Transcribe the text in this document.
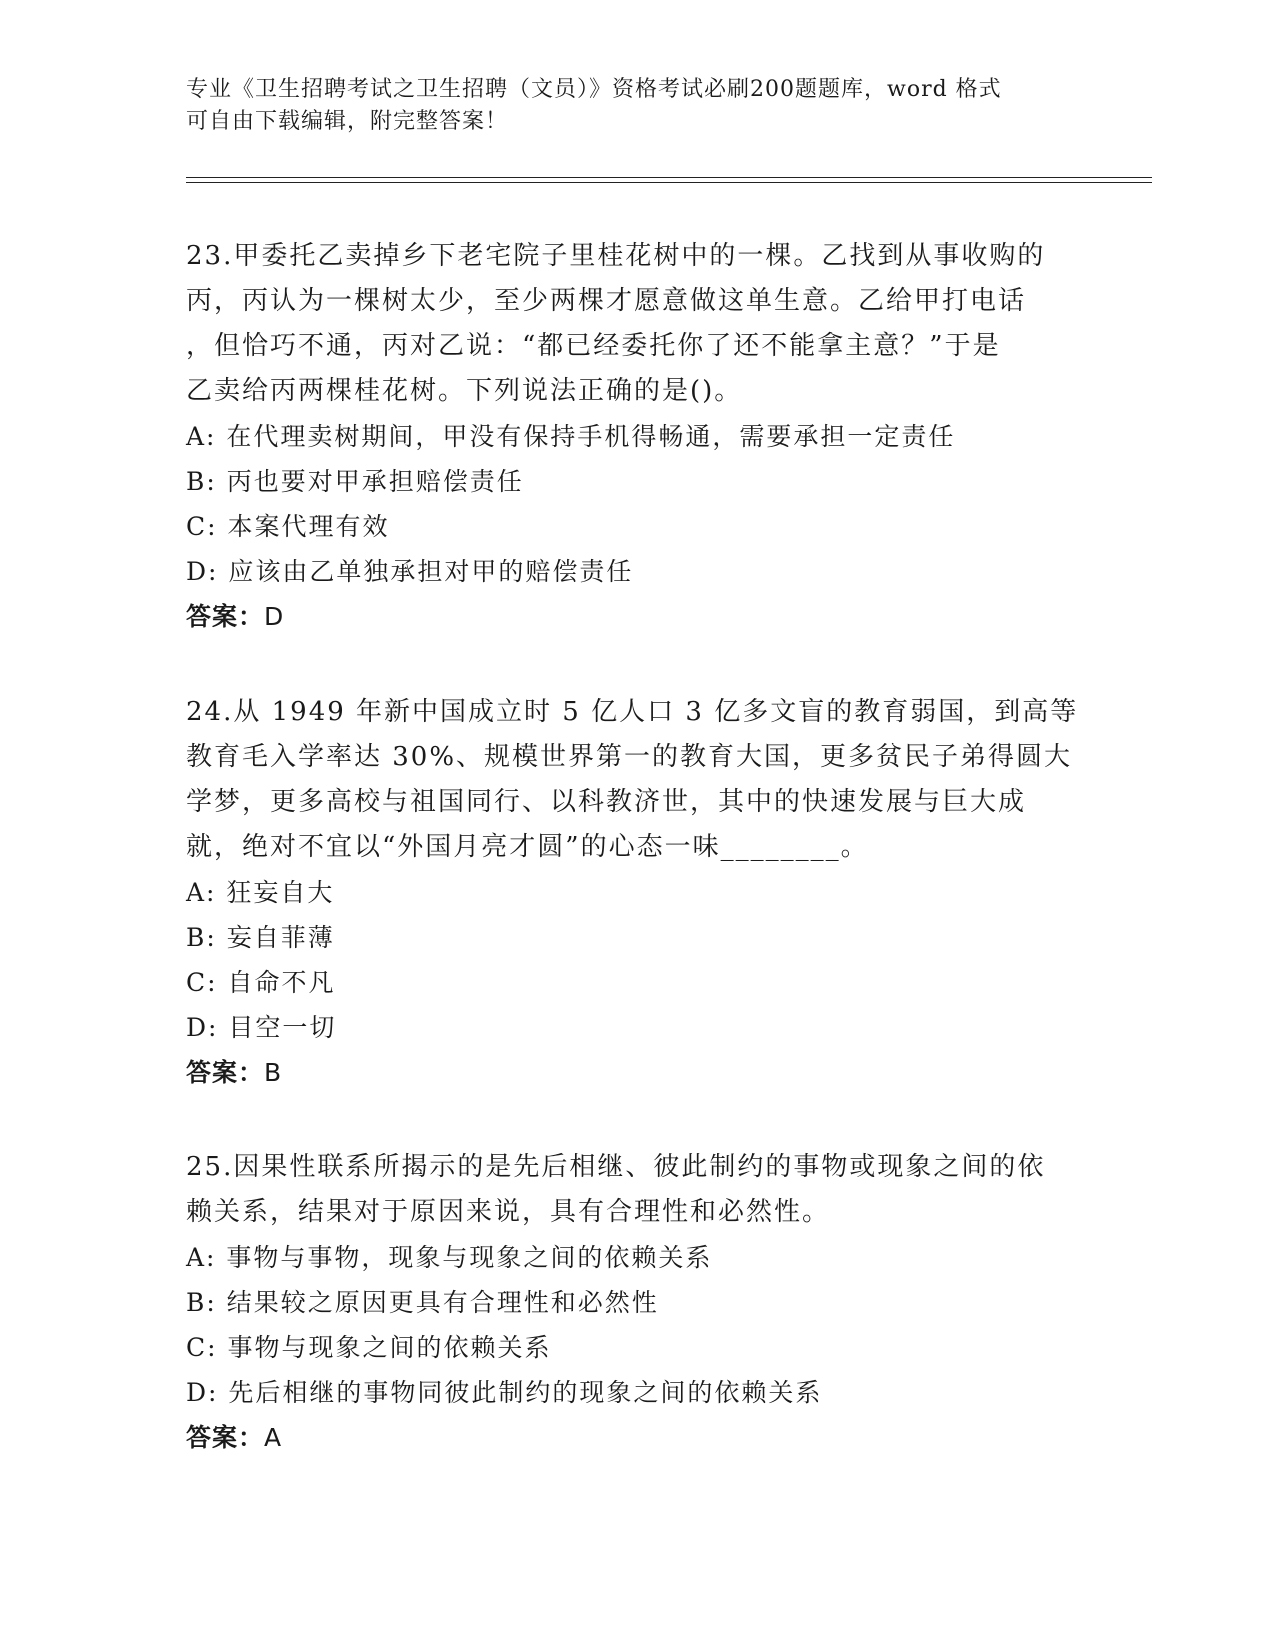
专业《卫生招聘考试之卫生招聘（文员）》资格考试必刷200题题库，word 格式
可自由下载编辑，附完整答案！
23.甲委托乙卖掉乡下老宅院子里桂花树中的一棵。乙找到从事收购的
丙，丙认为一棵树太少，至少两棵才愿意做这单生意。乙给甲打电话
，但恰巧不通，丙对乙说：“都已经委托你了还不能拿主意？”于是
乙卖给丙两棵桂花树。下列说法正确的是()。
A: 在代理卖树期间，甲没有保持手机得畅通，需要承担一定责任
B: 丙也要对甲承担赔偿责任
C: 本案代理有效
D: 应该由乙单独承担对甲的赔偿责任
答案：D
24.从 1949 年新中国成立时 5 亿人口 3 亿多文盲的教育弱国，到高等
教育毛入学率达 30%、规模世界第一的教育大国，更多贫民子弟得圆大
学梦，更多高校与祖国同行、以科教济世，其中的快速发展与巨大成
就，绝对不宜以“外国月亮才圆”的心态一味________。
A: 狂妄自大
B: 妄自菲薄
C: 自命不凡
D: 目空一切
答案：B
25.因果性联系所揭示的是先后相继、彼此制约的事物或现象之间的依
赖关系，结果对于原因来说，具有合理性和必然性。
A: 事物与事物，现象与现象之间的依赖关系
B: 结果较之原因更具有合理性和必然性
C: 事物与现象之间的依赖关系
D: 先后相继的事物同彼此制约的现象之间的依赖关系
答案：A
